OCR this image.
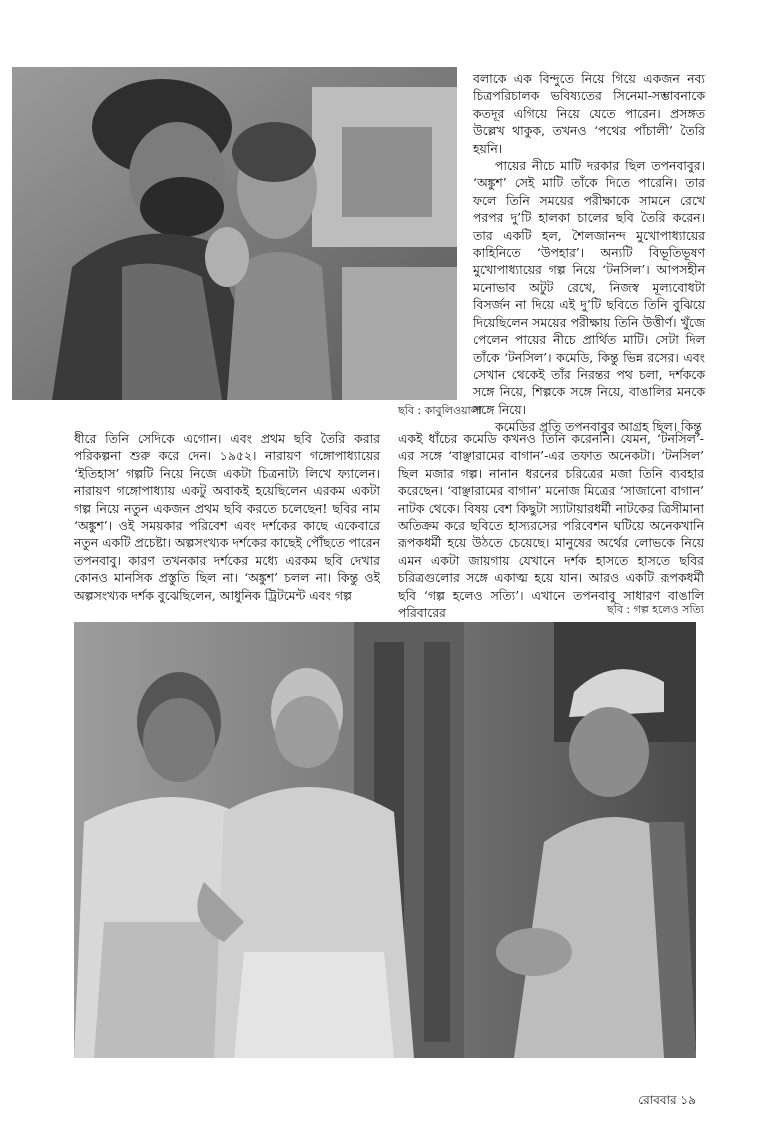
ছবি : কাবুলিওয়ালা

বলাকে এক বিন্দুতে নিয়ে গিয়ে একজন নব্য চিত্রপরিচালক ভবিষ্যতের সিনেমা-সম্ভাবনাকে কতদূর এগিয়ে নিয়ে যেতে পারেন। প্রসঙ্গত উল্লেখ থাকুক, তখনও ‘পথের পাঁচালী’ তৈরি হয়নি।

পায়ের নীচে মাটি দরকার ছিল তপনবাবুর। ‘অঙ্কুশ’ সেই মাটি তাঁকে দিতে পারেনি। তার ফলে তিনি সময়ের পরীক্ষাকে সামনে রেখে পরপর দু’টি হালকা চালের ছবি তৈরি করেন। তার একটি হল, শৈলজানন্দ মুখোপাধ্যায়ের কাহিনিতে ‘উপহার’। অন্যটি বিভূতিভূষণ মুখোপাধ্যায়ের গল্প নিয়ে ‘টনসিল’। আপসহীন মনোভাব অটুট রেখে, নিজস্ব মূল্যবোধটা বিসর্জন না দিয়ে এই দু’টি ছবিতে তিনি বুঝিয়ে দিয়েছিলেন সময়ের পরীক্ষায় তিনি উত্তীর্ণ। খুঁজে পেলেন পায়ের নীচে প্রার্থিত মাটি। সেটা দিল তাঁকে ‘টনসিল’। কমেডি, কিন্তু ভিন্ন রসের। এবং সেখান থেকেই তাঁর নিরন্তর পথ চলা, দর্শককে সঙ্গে নিয়ে, শিল্পকে সঙ্গে নিয়ে, বাঙালির মনকে সঙ্গে নিয়ে।

কমেডির প্রতি তপনবাবুর আগ্রহ ছিল। কিন্তু

ধীরে তিনি সেদিকে এগোন। এবং প্রথম ছবি তৈরি করার পরিকল্পনা শুরু করে দেন। ১৯৫২। নারায়ণ গঙ্গোপাধ্যায়ের ‘ইতিহাস’ গল্পটি নিয়ে নিজে একটা চিত্রনাট্য লিখে ফ্যালেন। নারায়ণ গঙ্গোপাধ্যায় একটু অবাকই হয়েছিলেন এরকম একটা গল্প নিয়ে নতুন একজন প্রথম ছবি করতে চলেছেন! ছবির নাম ‘অঙ্কুশ’। ওই সময়কার পরিবেশ এবং দর্শকের কাছে একেবারে নতুন একটি প্রচেষ্টা। অল্পসংখ্যক দর্শকের কাছেই পৌঁছতে পারেন তপনবাবু। কারণ তখনকার দর্শকের মধ্যে এরকম ছবি দেখার কোনও মানসিক প্রস্তুতি ছিল না। ‘অঙ্কুশ’ চলল না। কিন্তু ওই অল্পসংখ্যক দর্শক বুঝেছিলেন, আধুনিক ট্রিটমেন্ট এবং গল্প

একই ধাঁচের কমেডি কখনও তিনি করেননি। যেমন, ‘টনসিল’-এর সঙ্গে ‘বাঞ্ছারামের বাগান’-এর তফাত অনেকটা। ‘টনসিল’ ছিল মজার গল্প। নানান ধরনের চরিত্রের মজা তিনি ব্যবহার করেছেন। ‘বাঞ্ছারামের বাগান’ মনোজ মিত্রের ‘সাজানো বাগান’ নাটক থেকে। বিষয় বেশ কিছুটা স্যাটায়ারধর্মী নাটকের ত্রিসীমানা অতিক্রম করে ছবিতে হাস্যরসের পরিবেশন ঘটিয়ে অনেকখানি রূপকধর্মী হয়ে উঠতে চেয়েছে। মানুষের অর্থের লোভকে নিয়ে এমন একটা জায়গায় যেখানে দর্শক হাসতে হাসতে ছবির চরিত্রগুলোর সঙ্গে একাত্ম হয়ে যান। আরও একটি রূপকধর্মী ছবি ‘গল্প হলেও সত্যি’। এখানে তপনবাবু সাধারণ বাঙালি পরিবারের	ছবি : গল্প হলেও সত্যি
রোববার ১৯
